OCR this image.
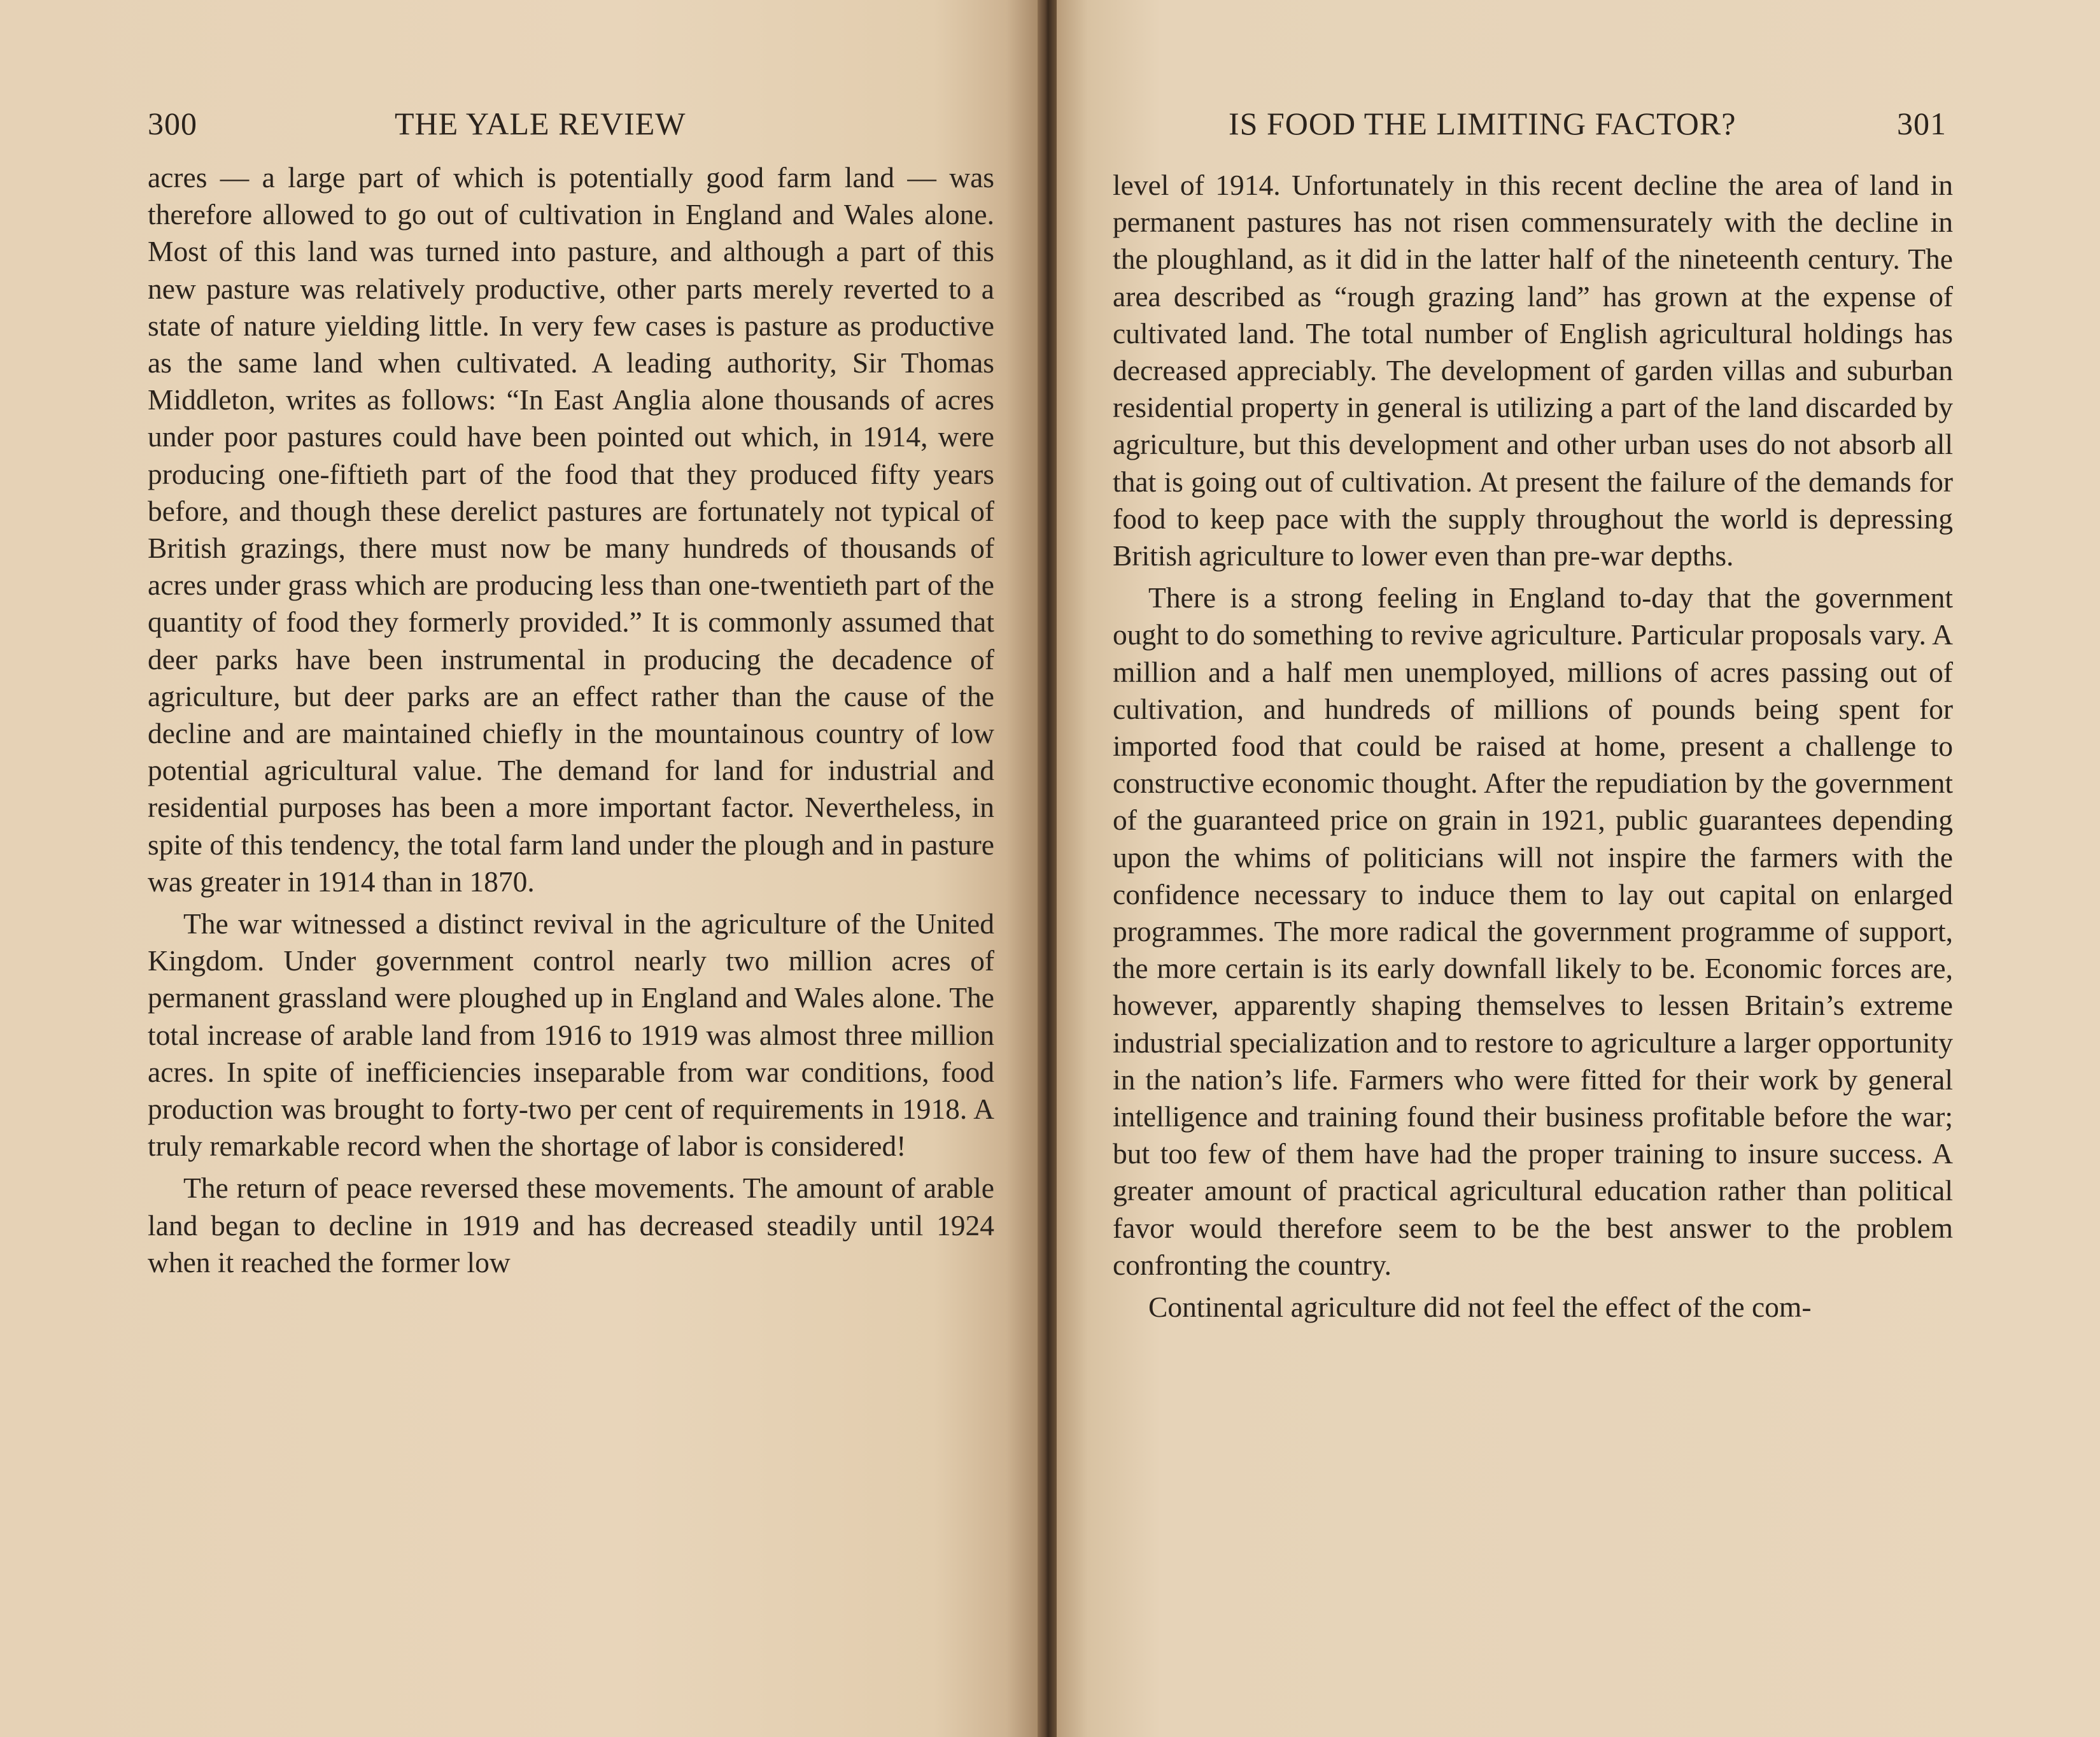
300	THE YALE REVIEW

acres — a large part of which is potentially good farm land — was therefore allowed to go out of cultivation in England and Wales alone. Most of this land was turned into pasture, and although a part of this new pasture was relatively productive, other parts merely reverted to a state of nature yielding little. In very few cases is pasture as productive as the same land when cultivated. A leading authority, Sir Thomas Middleton, writes as follows: “In East Anglia alone thousands of acres under poor pastures could have been pointed out which, in 1914, were producing one-fiftieth part of the food that they produced fifty years before, and though these derelict pastures are fortunately not typical of British grazings, there must now be many hundreds of thousands of acres under grass which are producing less than one-twentieth part of the quantity of food they formerly provided.” It is commonly assumed that deer parks have been instrumental in producing the decadence of agriculture, but deer parks are an effect rather than the cause of the decline and are maintained chiefly in the mountainous country of low potential agricultural value. The demand for land for industrial and residential purposes has been a more important factor. Nevertheless, in spite of this tendency, the total farm land under the plough and in pasture was greater in 1914 than in 1870.

The war witnessed a distinct revival in the agriculture of the United Kingdom. Under government control nearly two million acres of permanent grassland were ploughed up in England and Wales alone. The total increase of arable land from 1916 to 1919 was almost three million acres. In spite of inefficiencies inseparable from war conditions, food production was brought to forty-two per cent of requirements in 1918. A truly remarkable record when the shortage of labor is considered!

The return of peace reversed these movements. The amount of arable land began to decline in 1919 and has decreased steadily until 1924 when it reached the former low

IS FOOD THE LIMITING FACTOR?	301

level of 1914. Unfortunately in this recent decline the area of land in permanent pastures has not risen commensurately with the decline in the ploughland, as it did in the latter half of the nineteenth century. The area described as “rough grazing land” has grown at the expense of cultivated land. The total number of English agricultural holdings has decreased appreciably. The development of garden villas and suburban residential property in general is utilizing a part of the land discarded by agriculture, but this development and other urban uses do not absorb all that is going out of cultivation. At present the failure of the demands for food to keep pace with the supply throughout the world is depressing British agriculture to lower even than pre-war depths.

There is a strong feeling in England to-day that the government ought to do something to revive agriculture. Particular proposals vary. A million and a half men unemployed, millions of acres passing out of cultivation, and hundreds of millions of pounds being spent for imported food that could be raised at home, present a challenge to constructive economic thought. After the repudiation by the government of the guaranteed price on grain in 1921, public guarantees depending upon the whims of politicians will not inspire the farmers with the confidence necessary to induce them to lay out capital on enlarged programmes. The more radical the government programme of support, the more certain is its early downfall likely to be. Economic forces are, however, apparently shaping themselves to lessen Britain’s extreme industrial specialization and to restore to agriculture a larger opportunity in the nation’s life. Farmers who were fitted for their work by general intelligence and training found their business profitable before the war; but too few of them have had the proper training to insure success. A greater amount of practical agricultural education rather than political favor would therefore seem to be the best answer to the problem confronting the country.

Continental agriculture did not feel the effect of the com-
